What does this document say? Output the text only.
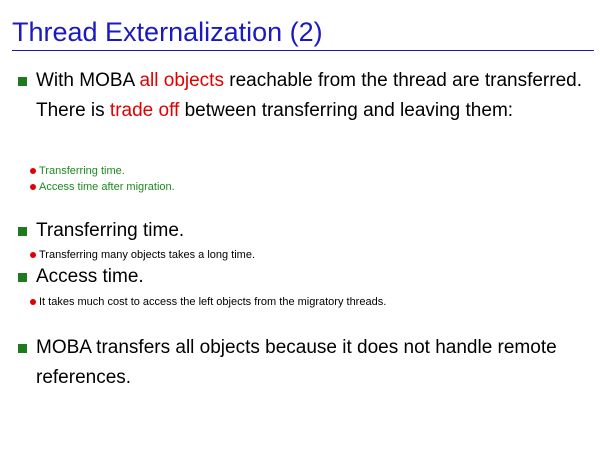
Thread Externalization (2)
With MOBA all objects reachable from the thread are transferred. There is trade off between transferring and leaving them:
Transferring time.
Access time after migration.
Transferring time.
Transferring many objects takes a long time.
Access time.
It takes much cost to access the left objects from the migratory threads.
MOBA transfers all objects because it does not handle remote references.
